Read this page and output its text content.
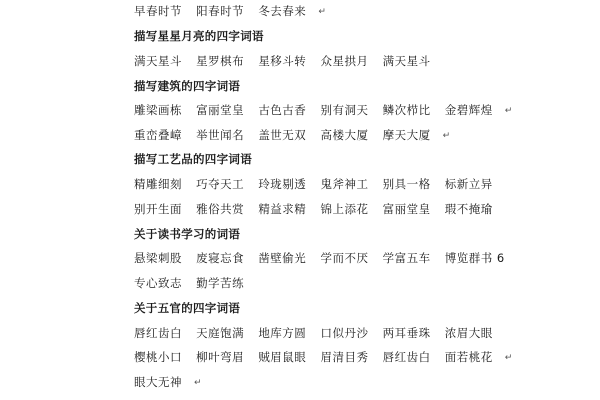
早春时节 阳春时节 冬去春来 ↵
描写星星月亮的四字词语
满天星斗 星罗棋布 星移斗转 众星拱月 满天星斗
描写建筑的四字词语
雕梁画栋 富丽堂皇 古色古香 别有洞天 鳞次栉比 金碧辉煌 ↵
重峦叠嶂 举世闻名 盖世无双 高楼大厦 摩天大厦 ↵
描写工艺品的四字词语
精雕细刻 巧夺天工 玲珑剔透 鬼斧神工 别具一格 标新立异
别开生面 雅俗共赏 精益求精 锦上添花 富丽堂皇 瑕不掩瑜
关于读书学习的词语
悬梁刺股 废寝忘食 凿壁偷光 学而不厌 学富五车 博览群书 6
专心致志 勤学苦练
关于五官的四字词语
唇红齿白 天庭饱满 地库方圆 口似丹沙 两耳垂珠 浓眉大眼
樱桃小口 柳叶弯眉 贼眉鼠眼 眉清目秀 唇红齿白 面若桃花 ↵
眼大无神 ↵
